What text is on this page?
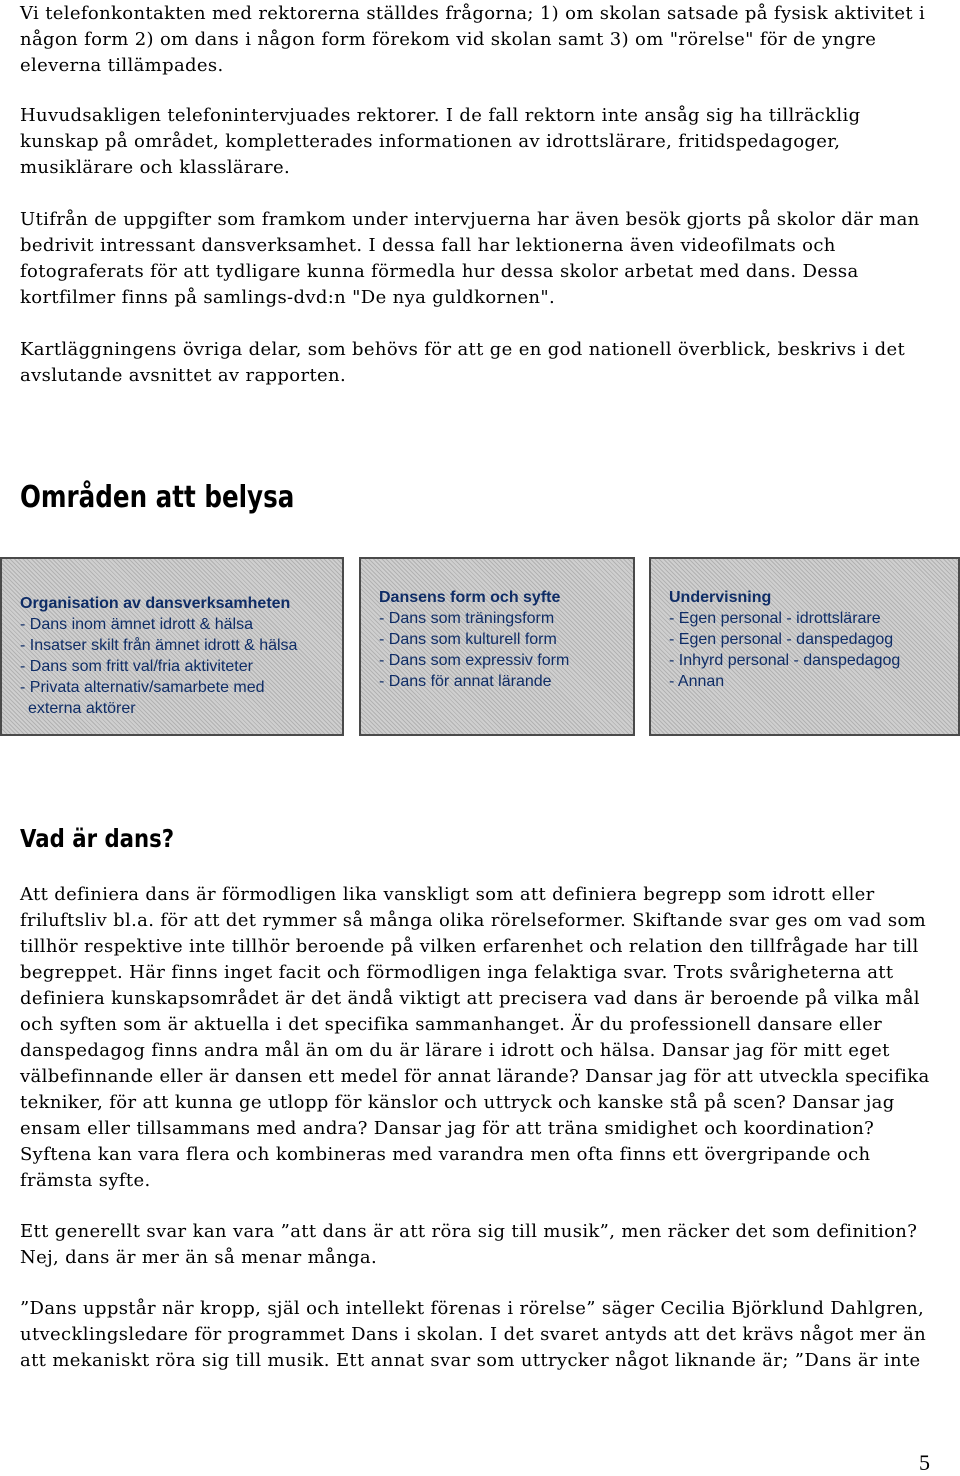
Vi telefonkontakten med rektorerna ställdes frågorna; 1) om skolan satsade på fysisk aktivitet i någon form 2) om dans i någon form förekom vid skolan samt 3) om "rörelse" för de yngre eleverna tillämpades.

Huvudsakligen telefonintervjuades rektorer. I de fall rektorn inte ansåg sig ha tillräcklig kunskap på området, kompletterades informationen av idrottslärare, fritidspedagoger, musiklärare och klasslärare.

Utifrån de uppgifter som framkom under intervjuerna har även besök gjorts på skolor där man bedrivit intressant dansverksamhet. I dessa fall har lektionerna även videofilmats och fotograferats för att tydligare kunna förmedla hur dessa skolor arbetat med dans. Dessa kortfilmer finns på samlings-dvd:n "De nya guldkornen".

Kartläggningens övriga delar, som behövs för att ge en god nationell överblick, beskrivs i det avslutande avsnittet av rapporten.

Områden att belysa
Organisation av dansverksamheten
- Dans inom ämnet idrott & hälsa
- Insatser skilt från ämnet idrott & hälsa
- Dans som fritt val/fria aktiviteter
- Privata alternativ/samarbete med
externa aktörer
Dansens form och syfte
- Dans som träningsform
- Dans som kulturell form
- Dans som expressiv form
- Dans för annat lärande
Undervisning
- Egen personal - idrottslärare
- Egen personal - danspedagog
- Inhyrd personal - danspedagog
- Annan
Vad är dans?

Att definiera dans är förmodligen lika vanskligt som att definiera begrepp som idrott eller friluftsliv bl.a. för att det rymmer så många olika rörelseformer. Skiftande svar ges om vad som tillhör respektive inte tillhör beroende på vilken erfarenhet och relation den tillfrågade har till begreppet. Här finns inget facit och förmodligen inga felaktiga svar. Trots svårigheterna att definiera kunskapsområdet är det ändå viktigt att precisera vad dans är beroende på vilka mål och syften som är aktuella i det specifika sammanhanget. Är du professionell dansare eller danspedagog finns andra mål än om du är lärare i idrott och hälsa. Dansar jag för mitt eget välbefinnande eller är dansen ett medel för annat lärande? Dansar jag för att utveckla specifika tekniker, för att kunna ge utlopp för känslor och uttryck och kanske stå på scen? Dansar jag ensam eller tillsammans med andra? Dansar jag för att träna smidighet och koordination? Syftena kan vara flera och kombineras med varandra men ofta finns ett övergripande och främsta syfte.

Ett generellt svar kan vara ”att dans är att röra sig till musik”, men räcker det som definition? Nej, dans är mer än så menar många.

”Dans uppstår när kropp, själ och intellekt förenas i rörelse” säger Cecilia Björklund Dahlgren, utvecklingsledare för programmet Dans i skolan. I det svaret antyds att det krävs något mer än att mekaniskt röra sig till musik. Ett annat svar som uttrycker något liknande är; ”Dans är inte

5
